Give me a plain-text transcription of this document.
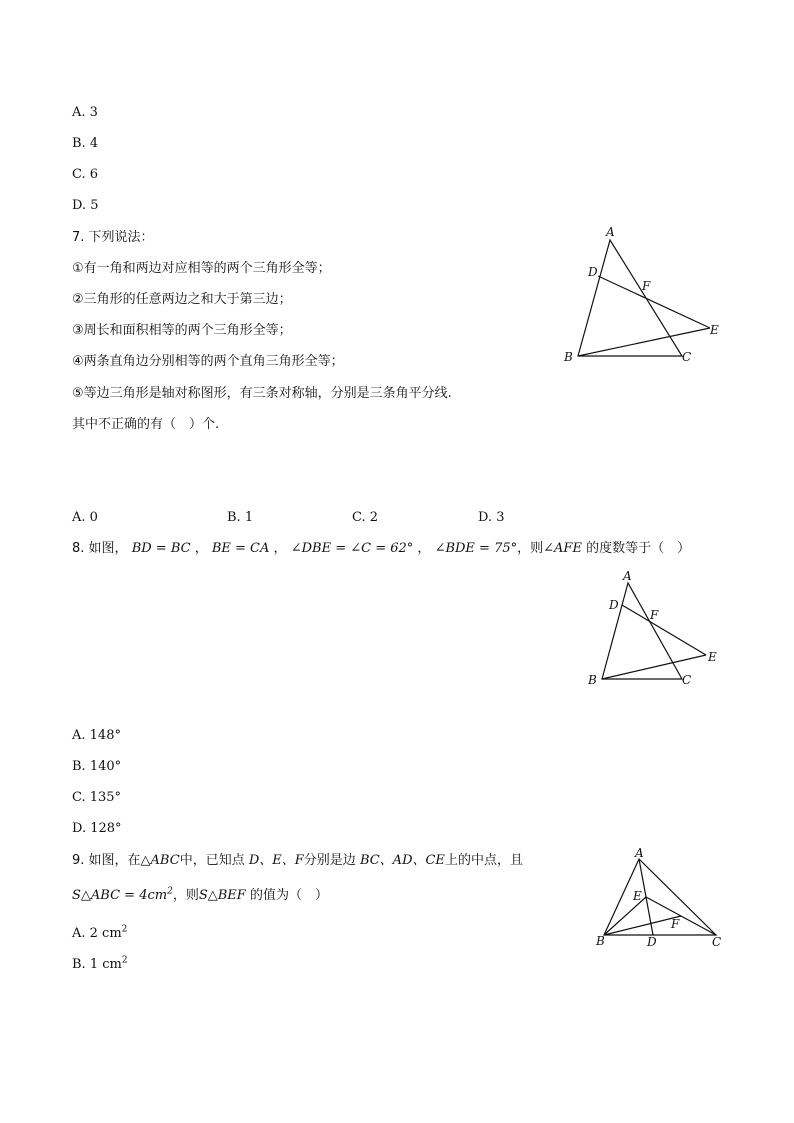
A. 3
B. 4
C. 6
D. 5
7. 下列说法：
①有一角和两边对应相等的两个三角形全等；
②三角形的任意两边之和大于第三边；
③周长和面积相等的两个三角形全等；
④两条直角边分别相等的两个直角三角形全等；
⑤等边三角形是轴对称图形，有三条对称轴，分别是三条角平分线.
其中不正确的有（　）个.
A
D
F
E
B	C
A. 0	B. 1	C. 2	D. 3
8. 如图， BD = BC ， BE = CA ， ∠DBE = ∠C = 62° ， ∠BDE = 75°，则∠AFE 的度数等于（　）
A
D
F
E
B	C
A. 148°
B. 140°
C. 135°
D. 128°
9. 如图，在△ABC中，已知点 D、E、F分别是边 BC、AD、CE上的中点，且
S△ABC = $4cm^2$，则S△BEF 的值为（　）
A
E
F
B	D	C
A. 2 $cm^2$
B. 1 $cm^2$
